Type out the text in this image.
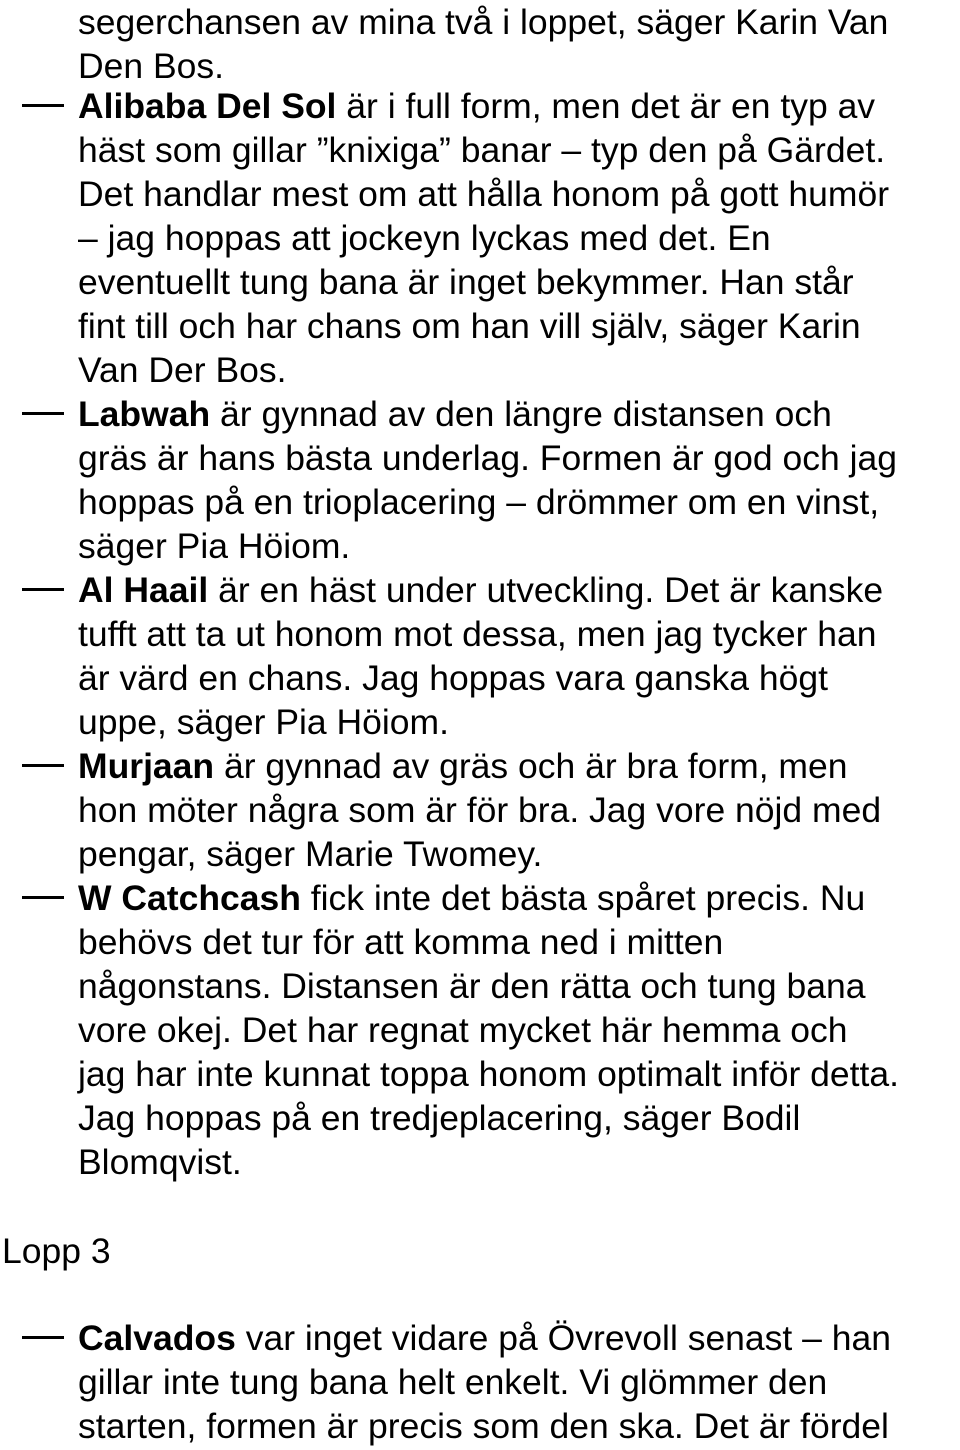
segerchansen av mina två i loppet, säger Karin Van
Den Bos.
Alibaba Del Sol är i full form, men det är en typ av
häst som gillar ”knixiga” banar – typ den på Gärdet.
Det handlar mest om att hålla honom på gott humör
– jag hoppas att jockeyn lyckas med det. En
eventuellt tung bana är inget bekymmer. Han står
fint till och har chans om han vill själv, säger Karin
Van Der Bos.
Labwah är gynnad av den längre distansen och
gräs är hans bästa underlag. Formen är god och jag
hoppas på en trioplacering – drömmer om en vinst,
säger Pia Höiom.
Al Haail är en häst under utveckling. Det är kanske
tufft att ta ut honom mot dessa, men jag tycker han
är värd en chans. Jag hoppas vara ganska högt
uppe, säger Pia Höiom.
Murjaan är gynnad av gräs och är bra form, men
hon möter några som är för bra. Jag vore nöjd med
pengar, säger Marie Twomey.
W Catchcash fick inte det bästa spåret precis. Nu
behövs det tur för att komma ned i mitten
någonstans. Distansen är den rätta och tung bana
vore okej. Det har regnat mycket här hemma och
jag har inte kunnat toppa honom optimalt inför detta.
Jag hoppas på en tredjeplacering, säger Bodil
Blomqvist.
Lopp 3
Calvados var inget vidare på Övrevoll senast – han
gillar inte tung bana helt enkelt. Vi glömmer den
starten, formen är precis som den ska. Det är fördel
